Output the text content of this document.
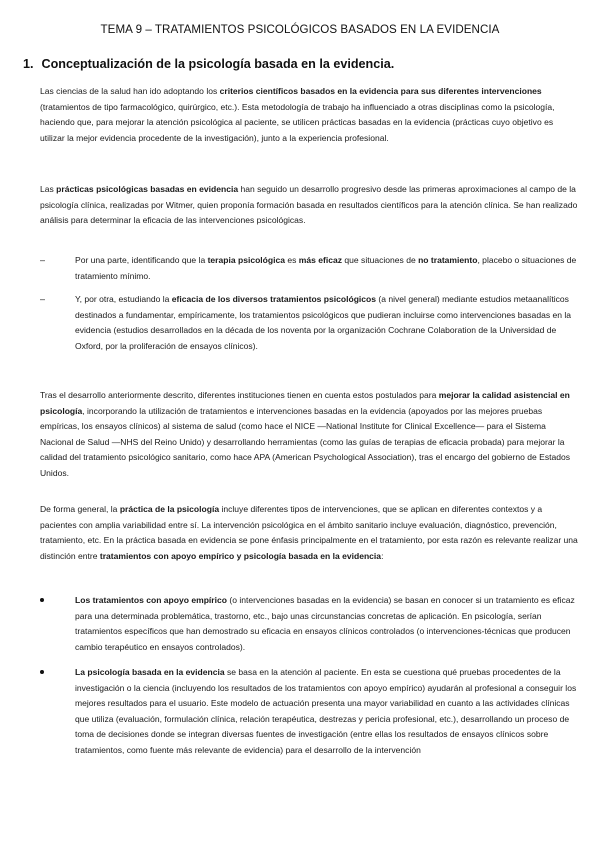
TEMA 9 – TRATAMIENTOS PSICOLÓGICOS BASADOS EN LA EVIDENCIA
1. Conceptualización de la psicología basada en la evidencia.

Las ciencias de la salud han ido adoptando los criterios científicos basados en la evidencia para sus diferentes intervenciones (tratamientos de tipo farmacológico, quirúrgico, etc.). Esta metodología de trabajo ha influenciado a otras disciplinas como la psicología, haciendo que, para mejorar la atención psicológica al paciente, se utilicen prácticas basadas en la evidencia (prácticas cuyo objetivo es utilizar la mejor evidencia procedente de la investigación), junto a la experiencia profesional.

Las prácticas psicológicas basadas en evidencia han seguido un desarrollo progresivo desde las primeras aproximaciones al campo de la psicología clínica, realizadas por Witmer, quien proponía formación basada en resultados científicos para la atención clínica. Se han realizado análisis para determinar la eficacia de las intervenciones psicológicas.

–	Por una parte, identificando que la terapia psicológica es más eficaz que situaciones de no tratamiento, placebo o situaciones de tratamiento mínimo.
–	Y, por otra, estudiando la eficacia de los diversos tratamientos psicológicos (a nivel general) mediante estudios metaanalíticos destinados a fundamentar, empíricamente, los tratamientos psicológicos que pudieran incluirse como intervenciones basadas en la evidencia (estudios desarrollados en la década de los noventa por la organización Cochrane Colaboration de la Universidad de Oxford, por la proliferación de ensayos clínicos).

Tras el desarrollo anteriormente descrito, diferentes instituciones tienen en cuenta estos postulados para mejorar la calidad asistencial en psicología, incorporando la utilización de tratamientos e intervenciones basadas en la evidencia (apoyados por las mejores pruebas empíricas, los ensayos clínicos) al sistema de salud (como hace el NICE —National Institute for Clinical Excellence— para el Sistema Nacional de Salud —NHS del Reino Unido) y desarrollando herramientas (como las guías de terapias de eficacia probada) para mejorar la calidad del tratamiento psicológico sanitario, como hace APA (American Psychological Association), tras el encargo del gobierno de Estados Unidos.

De forma general, la práctica de la psicología incluye diferentes tipos de intervenciones, que se aplican en diferentes contextos y a pacientes con amplia variabilidad entre sí. La intervención psicológica en el ámbito sanitario incluye evaluación, diagnóstico, prevención, tratamiento, etc. En la práctica basada en evidencia se pone énfasis principalmente en el tratamiento, por esta razón es relevante realizar una distinción entre tratamientos con apoyo empírico y psicología basada en la evidencia:

Los tratamientos con apoyo empírico (o intervenciones basadas en la evidencia) se basan en conocer si un tratamiento es eficaz para una determinada problemática, trastorno, etc., bajo unas circunstancias concretas de aplicación. En psicología, serían tratamientos específicos que han demostrado su eficacia en ensayos clínicos controlados (o intervenciones-técnicas que producen cambio terapéutico en ensayos controlados).
La psicología basada en la evidencia se basa en la atención al paciente. En esta se cuestiona qué pruebas procedentes de la investigación o la ciencia (incluyendo los resultados de los tratamientos con apoyo empírico) ayudarán al profesional a conseguir los mejores resultados para el usuario. Este modelo de actuación presenta una mayor variabilidad en cuanto a las actividades clínicas que utiliza (evaluación, formulación clínica, relación terapéutica, destrezas y pericia profesional, etc.), desarrollando un proceso de toma de decisiones donde se integran diversas fuentes de investigación (entre ellas los resultados de ensayos clínicos sobre tratamientos, como fuente más relevante de evidencia) para el desarrollo de la intervención
